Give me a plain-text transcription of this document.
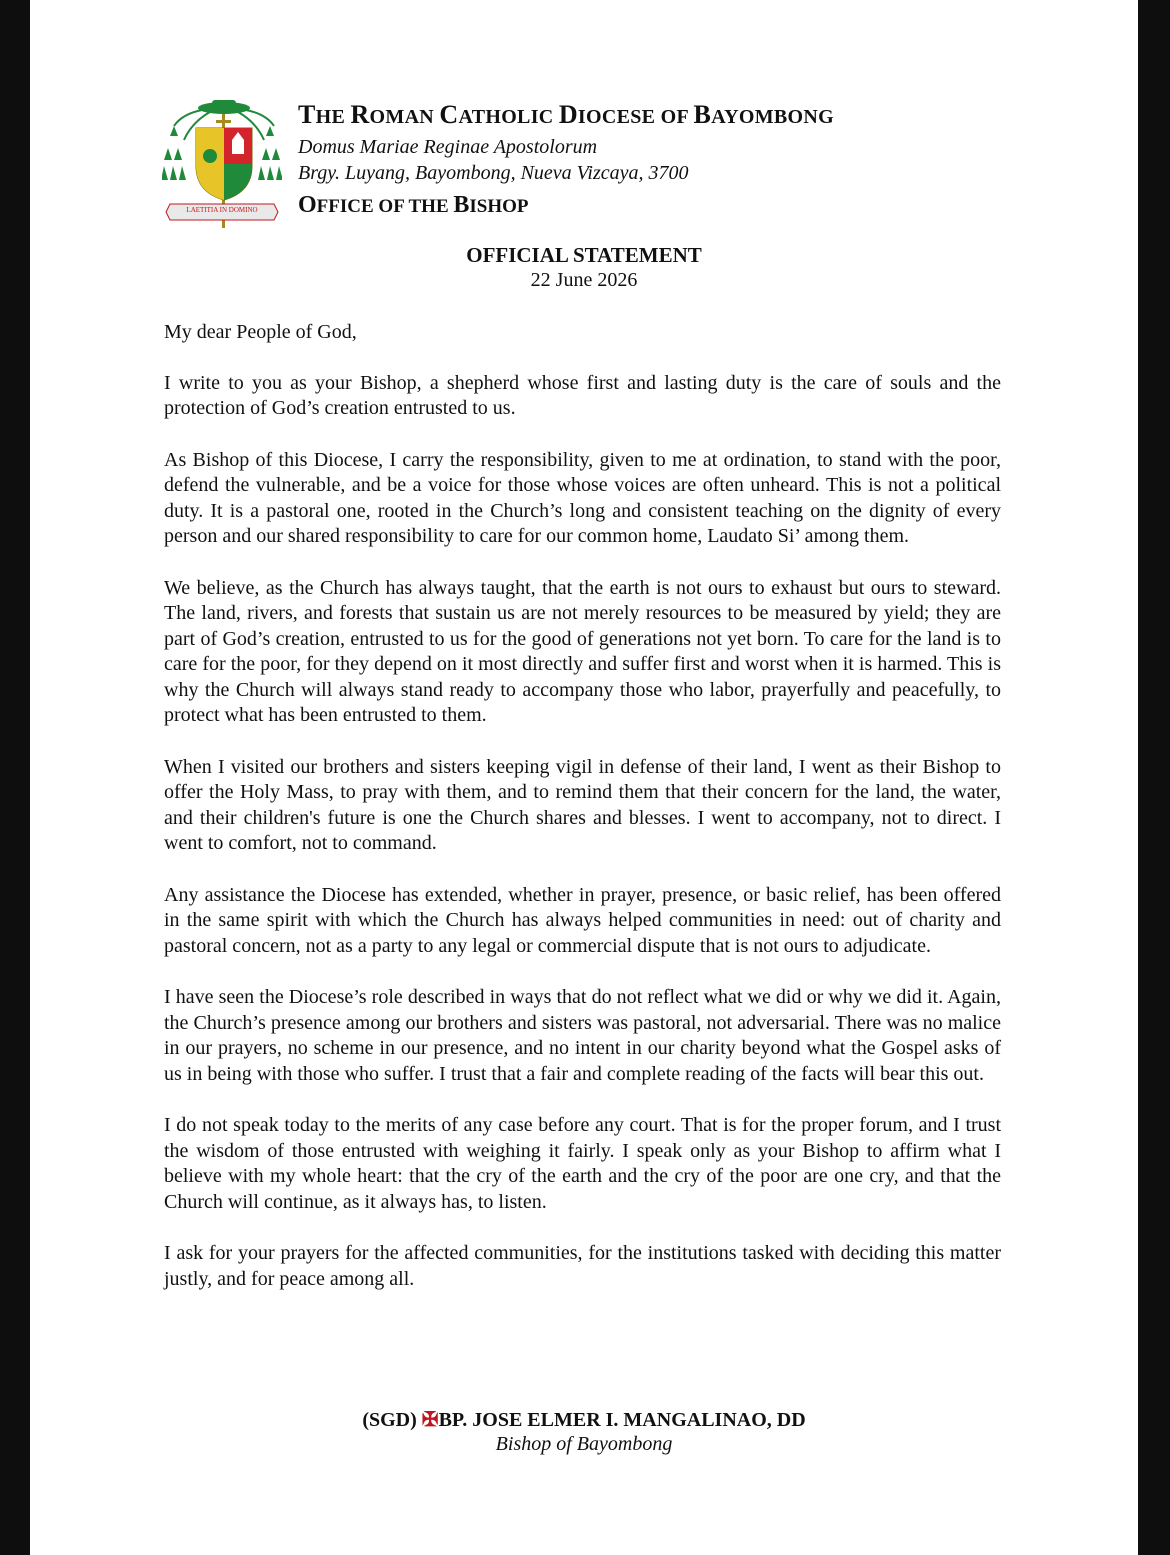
LAETITIA IN DOMINO
THE ROMAN CATHOLIC DIOCESE OF BAYOMBONG
Domus Mariae Reginae Apostolorum
Brgy. Luyang, Bayombong, Nueva Vizcaya, 3700
OFFICE OF THE BISHOP
OFFICIAL STATEMENT
22 June 2026

My dear People of God,

I write to you as your Bishop, a shepherd whose first and lasting duty is the care of souls and the protection of God’s creation entrusted to us.

As Bishop of this Diocese, I carry the responsibility, given to me at ordination, to stand with the poor, defend the vulnerable, and be a voice for those whose voices are often unheard. This is not a political duty. It is a pastoral one, rooted in the Church’s long and consistent teaching on the dignity of every person and our shared responsibility to care for our common home, Laudato Si’ among them.

We believe, as the Church has always taught, that the earth is not ours to exhaust but ours to steward. The land, rivers, and forests that sustain us are not merely resources to be measured by yield; they are part of God’s creation, entrusted to us for the good of generations not yet born. To care for the land is to care for the poor, for they depend on it most directly and suffer first and worst when it is harmed. This is why the Church will always stand ready to accompany those who labor, prayerfully and peacefully, to protect what has been entrusted to them.

When I visited our brothers and sisters keeping vigil in defense of their land, I went as their Bishop to offer the Holy Mass, to pray with them, and to remind them that their concern for the land, the water, and their children's future is one the Church shares and blesses. I went to accompany, not to direct. I went to comfort, not to command.

Any assistance the Diocese has extended, whether in prayer, presence, or basic relief, has been offered in the same spirit with which the Church has always helped communities in need: out of charity and pastoral concern, not as a party to any legal or commercial dispute that is not ours to adjudicate.

I have seen the Diocese’s role described in ways that do not reflect what we did or why we did it. Again, the Church’s presence among our brothers and sisters was pastoral, not adversarial. There was no malice in our prayers, no scheme in our presence, and no intent in our charity beyond what the Gospel asks of us in being with those who suffer. I trust that a fair and complete reading of the facts will bear this out.

I do not speak today to the merits of any case before any court. That is for the proper forum, and I trust the wisdom of those entrusted with weighing it fairly. I speak only as your Bishop to affirm what I believe with my whole heart: that the cry of the earth and the cry of the poor are one cry, and that the Church will continue, as it always has, to listen.

I ask for your prayers for the affected communities, for the institutions tasked with deciding this matter justly, and for peace among all.

(SGD) ✠BP. JOSE ELMER I. MANGALINAO, DD
Bishop of Bayombong
